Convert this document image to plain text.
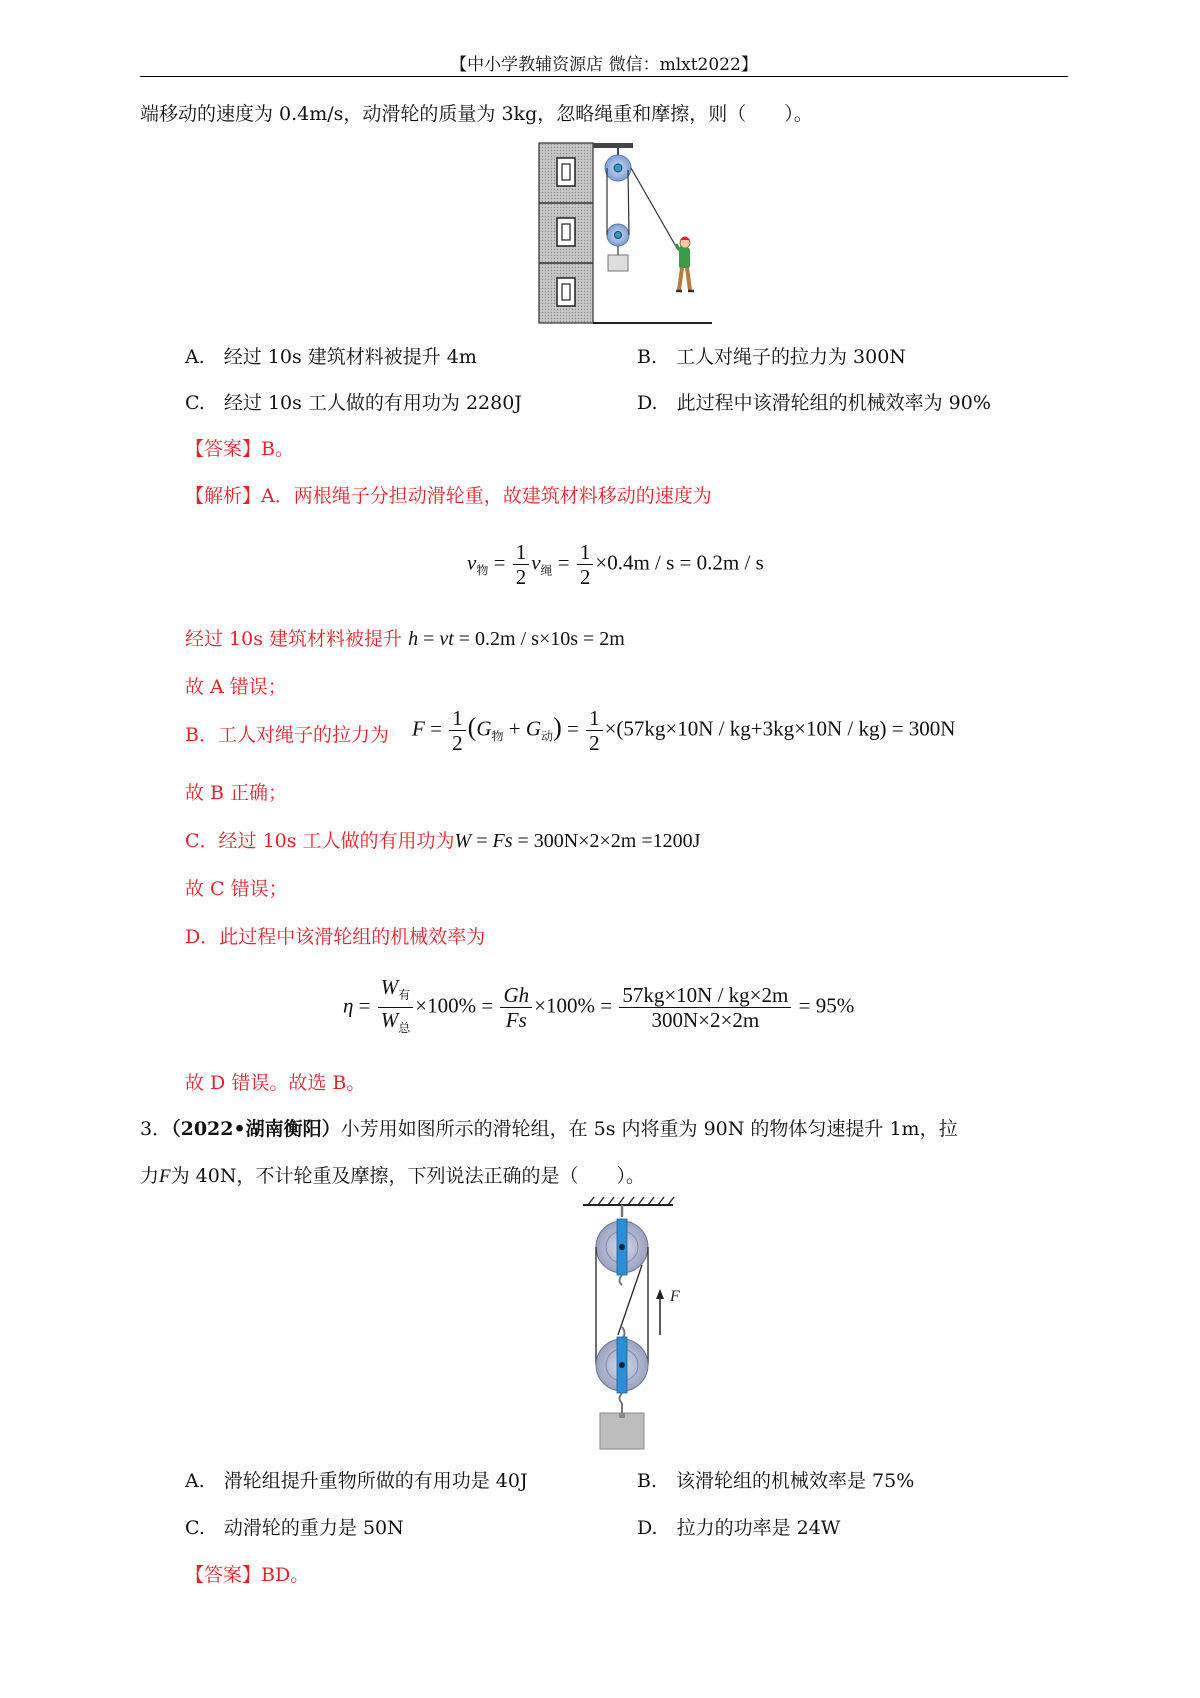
【中小学教辅资源店 微信：mlxt2022】
端移动的速度为 0.4m/s，动滑轮的质量为 3kg，忽略绳重和摩擦，则（　　）。
A.　经过 10s 建筑材料被提升 4m	B.　工人对绳子的拉力为 300N
C.　经过 10s 工人做的有用功为 2280J	D.　此过程中该滑轮组的机械效率为 90%
【答案】B。
【解析】A．两根绳子分担动滑轮重，故建筑材料移动的速度为
$v_物 = \frac{1}{2} v_绳 = \frac{1}{2} \times 0.4m / s = 0.2m / s$
经过 10s 建筑材料被提升 h = vt = 0.2m / s×10s = 2m
故 A 错误；
B．工人对绳子的拉力为 $F = \frac{1}{2} (G_物 + G_动) = \frac{1}{2} \times(57kg\times 10N / kg+3kg\times 10N / kg) = 300N$
故 B 正确；
C．经过 10s 工人做的有用功为W = Fs = 300N×2×2m =1200J
故 C 错误；
D．此过程中该滑轮组的机械效率为
$\eta = \frac{W_有}{W_总} \times 100\% = \frac{Gh}{Fs} \times 100\% = \frac{57kg\times 10N / kg\times 2m}{300N\times 2\times 2m} = 95\%$
故 D 错误。故选 B。
3．（2022•湖南衡阳）小芳用如图所示的滑轮组，在 5s 内将重为 90N 的物体匀速提升 1m，拉
力F为 40N，不计轮重及摩擦，下列说法正确的是（　　）。
F
A.　滑轮组提升重物所做的有用功是 40J	B.　该滑轮组的机械效率是 75%
C.　动滑轮的重力是 50N	D.　拉力的功率是 24W
【答案】BD。
